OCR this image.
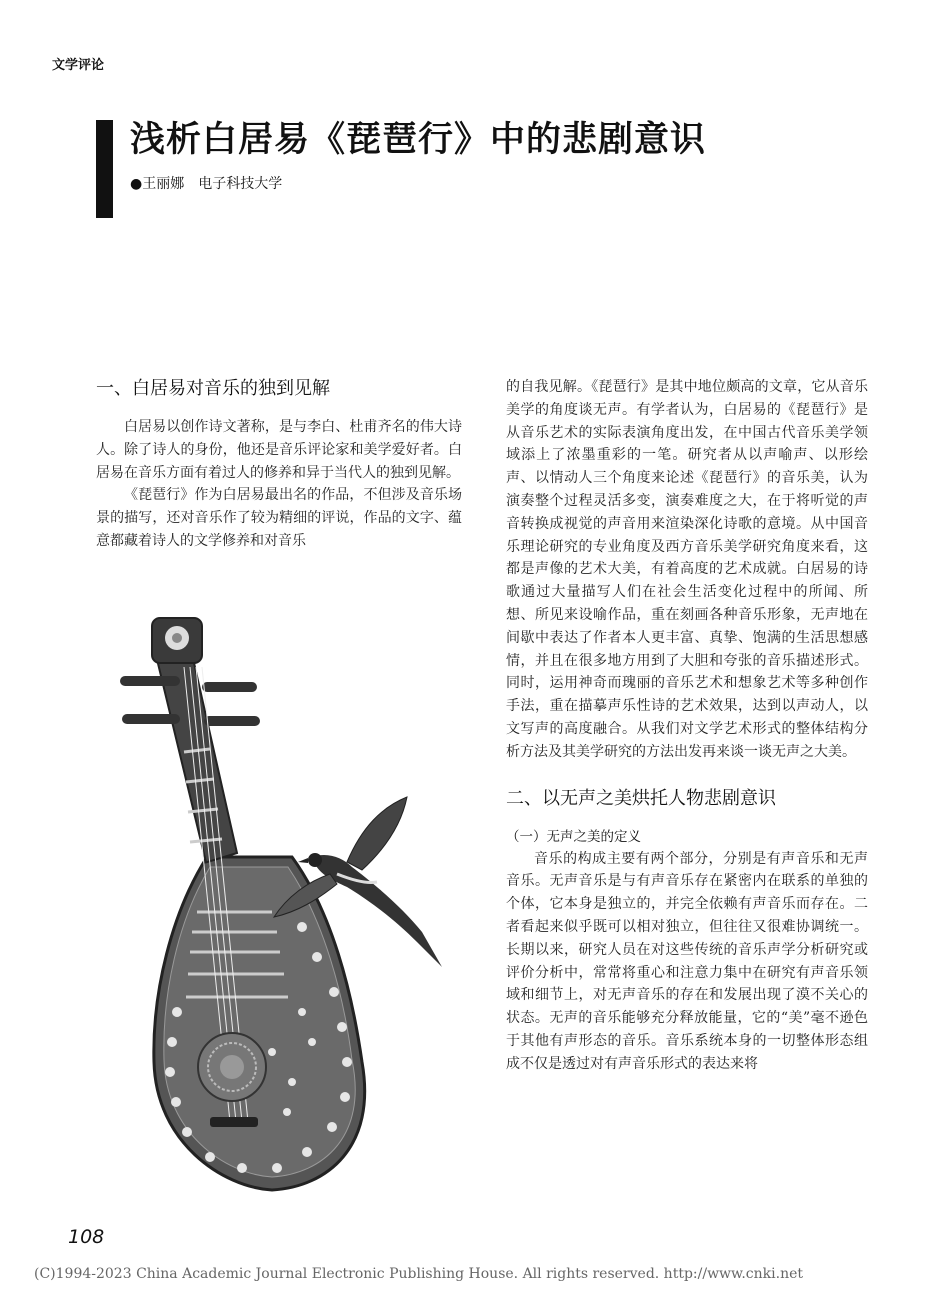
文学评论
浅析白居易《琵琶行》中的悲剧意识
●王丽娜 电子科技大学
一、白居易对音乐的独到见解

白居易以创作诗文著称，是与李白、杜甫齐名的伟大诗人。除了诗人的身份，他还是音乐评论家和美学爱好者。白居易在音乐方面有着过人的修养和异于当代人的独到见解。

《琵琶行》作为白居易最出名的作品，不但涉及音乐场景的描写，还对音乐作了较为精细的评说，作品的文字、蕴意都藏着诗人的文学修养和对音乐

的自我见解。《琵琶行》是其中地位颇高的文章，它从音乐美学的角度谈无声。有学者认为，白居易的《琵琶行》是从音乐艺术的实际表演角度出发，在中国古代音乐美学领域添上了浓墨重彩的一笔。研究者从以声喻声、以形绘声、以情动人三个角度来论述《琵琶行》的音乐美，认为演奏整个过程灵活多变，演奏难度之大，在于将听觉的声音转换成视觉的声音用来渲染深化诗歌的意境。从中国音乐理论研究的专业角度及西方音乐美学研究角度来看，这都是声像的艺术大美，有着高度的艺术成就。白居易的诗歌通过大量描写人们在社会生活变化过程中的所闻、所想、所见来设喻作品，重在刻画各种音乐形象，无声地在间歇中表达了作者本人更丰富、真挚、饱满的生活思想感情，并且在很多地方用到了大胆和夸张的音乐描述形式。同时，运用神奇而瑰丽的音乐艺术和想象艺术等多种创作手法，重在描摹声乐性诗的艺术效果，达到以声动人，以文写声的高度融合。从我们对文学艺术形式的整体结构分析方法及其美学研究的方法出发再来谈一谈无声之大美。

二、以无声之美烘托人物悲剧意识
（一）无声之美的定义

音乐的构成主要有两个部分，分别是有声音乐和无声音乐。无声音乐是与有声音乐存在紧密内在联系的单独的个体，它本身是独立的，并完全依赖有声音乐而存在。二者看起来似乎既可以相对独立，但往往又很难协调统一。长期以来，研究人员在对这些传统的音乐声学分析研究或评价分析中，常常将重心和注意力集中在研究有声音乐领域和细节上，对无声音乐的存在和发展出现了漠不关心的状态。无声的音乐能够充分释放能量，它的“美”毫不逊色于其他有声形态的音乐。音乐系统本身的一切整体形态组成不仅是透过对有声音乐形式的表达来将

108
(C)1994-2023 China Academic Journal Electronic Publishing House. All rights reserved. http://www.cnki.net
